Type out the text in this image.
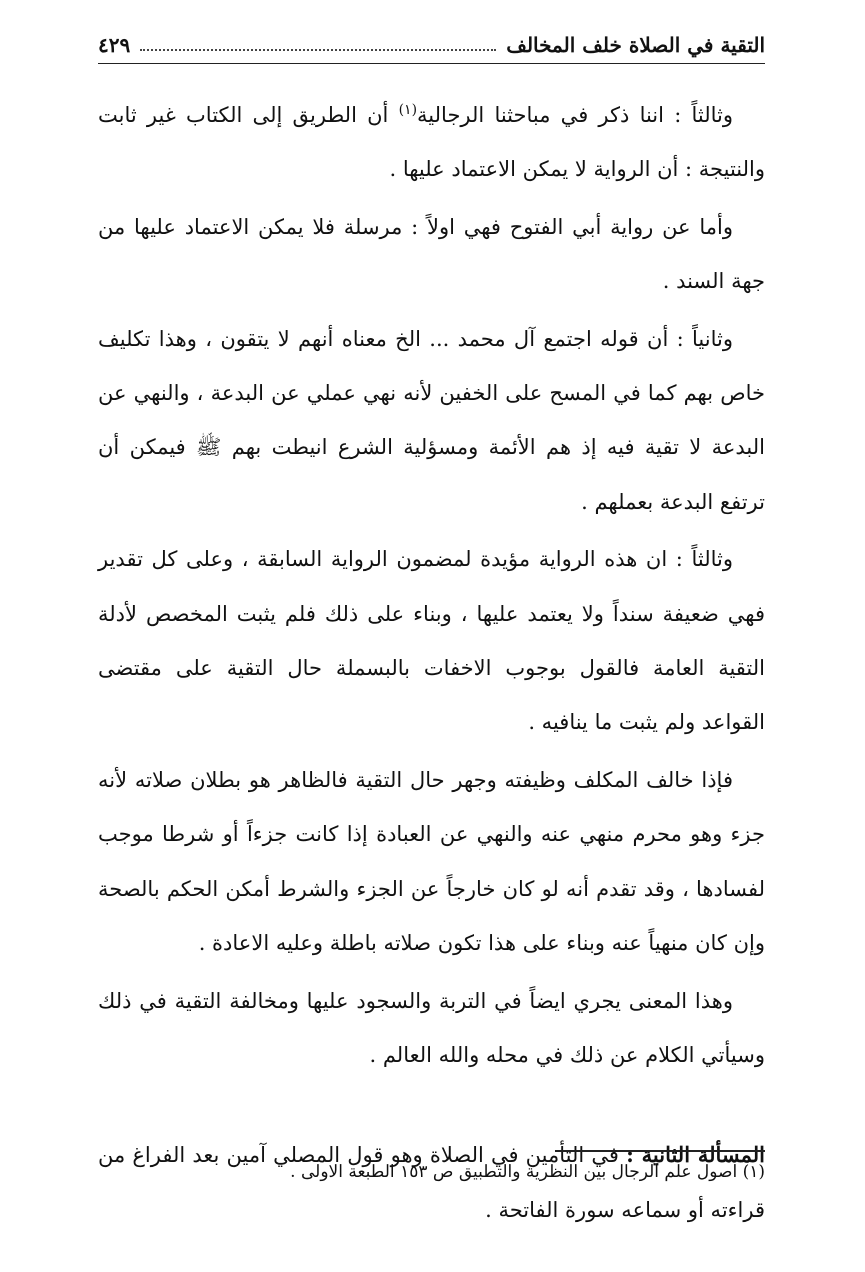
التقية في الصلاة خلف المخالف
٤٢٩

وثالثاً : اننا ذكر في مباحثنا الرجالية$^{(١)}$ أن الطريق إلى الكتاب غير ثابت والنتيجة : أن الرواية لا يمكن الاعتماد عليها .

وأما عن رواية أبي الفتوح فهي اولاً : مرسلة فلا يمكن الاعتماد عليها من جهة السند .

وثانياً : أن قوله اجتمع آل محمد ... الخ معناه أنهم لا يتقون ، وهذا تكليف خاص بهم كما في المسح على الخفين لأنه نهي عملي عن البدعة ، والنهي عن البدعة لا تقية فيه إذ هم الأئمة ومسؤلية الشرع انيطت بهم ﷺ فيمكن أن ترتفع البدعة بعملهم .

وثالثاً : ان هذه الرواية مؤيدة لمضمون الرواية السابقة ، وعلى كل تقدير فهي ضعيفة سنداً ولا يعتمد عليها ، وبناء على ذلك فلم يثبت المخصص لأدلة التقية العامة فالقول بوجوب الاخفات بالبسملة حال التقية على مقتضى القواعد ولم يثبت ما ينافيه .

فإذا خالف المكلف وظيفته وجهر حال التقية فالظاهر هو بطلان صلاته لأنه جزء وهو محرم منهي عنه والنهي عن العبادة إذا كانت جزءاً أو شرطا موجب لفسادها ، وقد تقدم أنه لو كان خارجاً عن الجزء والشرط أمكن الحكم بالصحة وإن كان منهياً عنه وبناء على هذا تكون صلاته باطلة وعليه الاعادة .

وهذا المعنى يجري ايضاً في التربة والسجود عليها ومخالفة التقية في ذلك وسيأتي الكلام عن ذلك في محله والله العالم .

المسألة الثانية : في التأمين في الصلاة وهو قول المصلي آمين بعد الفراغ من قراءته أو سماعه سورة الفاتحة .

(١) اصول علم الرجال بين النظرية والتطبيق ص ١٥٣ الطبعة الاولى .
